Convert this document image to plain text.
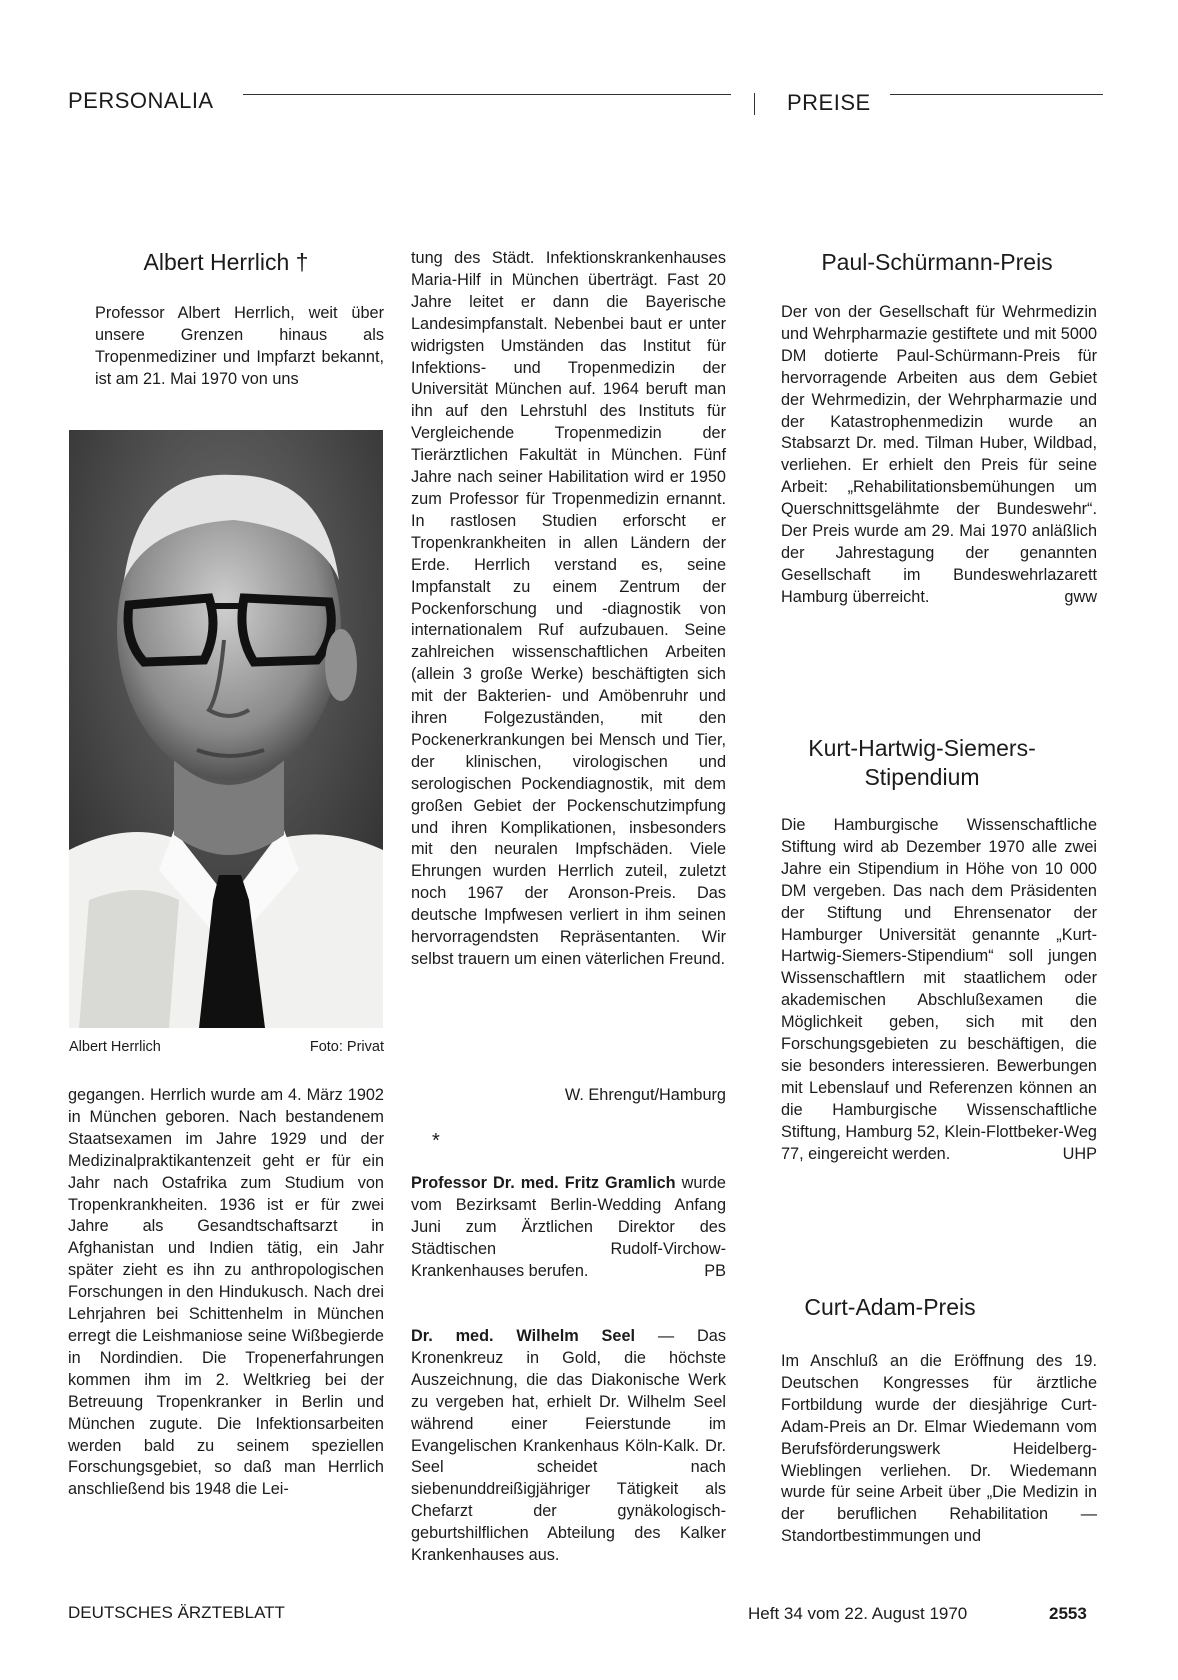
PERSONALIA	PREISE
Albert Herrlich †

Professor Albert Herrlich, weit über unsere Grenzen hinaus als Tropenmediziner und Impfarzt bekannt, ist am 21. Mai 1970 von uns

Albert Herrlich	Foto: Privat

gegangen. Herrlich wurde am 4. März 1902 in München geboren. Nach bestandenem Staatsexamen im Jahre 1929 und der Medizinalpraktikantenzeit geht er für ein Jahr nach Ostafrika zum Studium von Tropenkrankheiten. 1936 ist er für zwei Jahre als Gesandtschaftsarzt in Afghanistan und Indien tätig, ein Jahr später zieht es ihn zu anthropologischen Forschungen in den Hindukusch. Nach drei Lehrjahren bei Schittenhelm in München erregt die Leishmaniose seine Wißbegierde in Nordindien. Die Tropenerfahrungen kommen ihm im 2. Weltkrieg bei der Betreuung Tropenkranker in Berlin und München zugute. Die Infektionsarbeiten werden bald zu seinem speziellen Forschungsgebiet, so daß man Herrlich anschließend bis 1948 die Lei-

tung des Städt. Infektionskrankenhauses Maria-Hilf in München überträgt. Fast 20 Jahre leitet er dann die Bayerische Landesimpfanstalt. Nebenbei baut er unter widrigsten Umständen das Institut für Infektions- und Tropenmedizin der Universität München auf. 1964 beruft man ihn auf den Lehrstuhl des Instituts für Vergleichende Tropenmedizin der Tierärztlichen Fakultät in München. Fünf Jahre nach seiner Habilitation wird er 1950 zum Professor für Tropenmedizin ernannt. In rastlosen Studien erforscht er Tropenkrankheiten in allen Ländern der Erde. Herrlich verstand es, seine Impfanstalt zu einem Zentrum der Pockenforschung und -diagnostik von internationalem Ruf aufzubauen. Seine zahlreichen wissenschaftlichen Arbeiten (allein 3 große Werke) beschäftigten sich mit der Bakterien- und Amöbenruhr und ihren Folgezuständen, mit den Pockenerkrankungen bei Mensch und Tier, der klinischen, virologischen und serologischen Pockendiagnostik, mit dem großen Gebiet der Pockenschutzimpfung und ihren Komplikationen, insbesonders mit den neuralen Impfschäden. Viele Ehrungen wurden Herrlich zuteil, zuletzt noch 1967 der Aronson-Preis. Das deutsche Impfwesen verliert in ihm seinen hervorragendsten Repräsentanten. Wir selbst trauern um einen väterlichen Freund.

W. Ehrengut/Hamburg
*

Professor Dr. med. Fritz Gramlich wurde vom Bezirksamt Berlin-Wedding Anfang Juni zum Ärztlichen Direktor des Städtischen Rudolf-Virchow-Krankenhauses berufen.	PB

Dr. med. Wilhelm Seel — Das Kronenkreuz in Gold, die höchste Auszeichnung, die das Diakonische Werk zu vergeben hat, erhielt Dr. Wilhelm Seel während einer Feierstunde im Evangelischen Krankenhaus Köln-Kalk. Dr. Seel scheidet nach siebenunddreißigjähriger Tätigkeit als Chefarzt der gynäkologisch-geburtshilflichen Abteilung des Kalker Krankenhauses aus.

Paul-Schürmann-Preis

Der von der Gesellschaft für Wehrmedizin und Wehrpharmazie gestiftete und mit 5000 DM dotierte Paul-Schürmann-Preis für hervorragende Arbeiten aus dem Gebiet der Wehrmedizin, der Wehrpharmazie und der Katastrophenmedizin wurde an Stabsarzt Dr. med. Tilman Huber, Wildbad, verliehen. Er erhielt den Preis für seine Arbeit: „Rehabilitationsbemühungen um Querschnittsgelähmte der Bundeswehr“. Der Preis wurde am 29. Mai 1970 anläßlich der Jahrestagung der genannten Gesellschaft im Bundeswehrlazarett Hamburg überreicht.	gww

Kurt-Hartwig-Siemers-Stipendium

Die Hamburgische Wissenschaftliche Stiftung wird ab Dezember 1970 alle zwei Jahre ein Stipendium in Höhe von 10 000 DM vergeben. Das nach dem Präsidenten der Stiftung und Ehrensenator der Hamburger Universität genannte „Kurt-Hartwig-Siemers-Stipendium“ soll jungen Wissenschaftlern mit staatlichem oder akademischen Abschlußexamen die Möglichkeit geben, sich mit den Forschungsgebieten zu beschäftigen, die sie besonders interessieren. Bewerbungen mit Lebenslauf und Referenzen können an die Hamburgische Wissenschaftliche Stiftung, Hamburg 52, Klein-Flottbeker-Weg 77, eingereicht werden.	UHP

Curt-Adam-Preis

Im Anschluß an die Eröffnung des 19. Deutschen Kongresses für ärztliche Fortbildung wurde der diesjährige Curt-Adam-Preis an Dr. Elmar Wiedemann vom Berufsförderungswerk Heidelberg-Wieblingen verliehen. Dr. Wiedemann wurde für seine Arbeit über „Die Medizin in der beruflichen Rehabilitation — Standortbestimmungen und

DEUTSCHES ÄRZTEBLATT	Heft 34 vom 22. August 1970	2553
